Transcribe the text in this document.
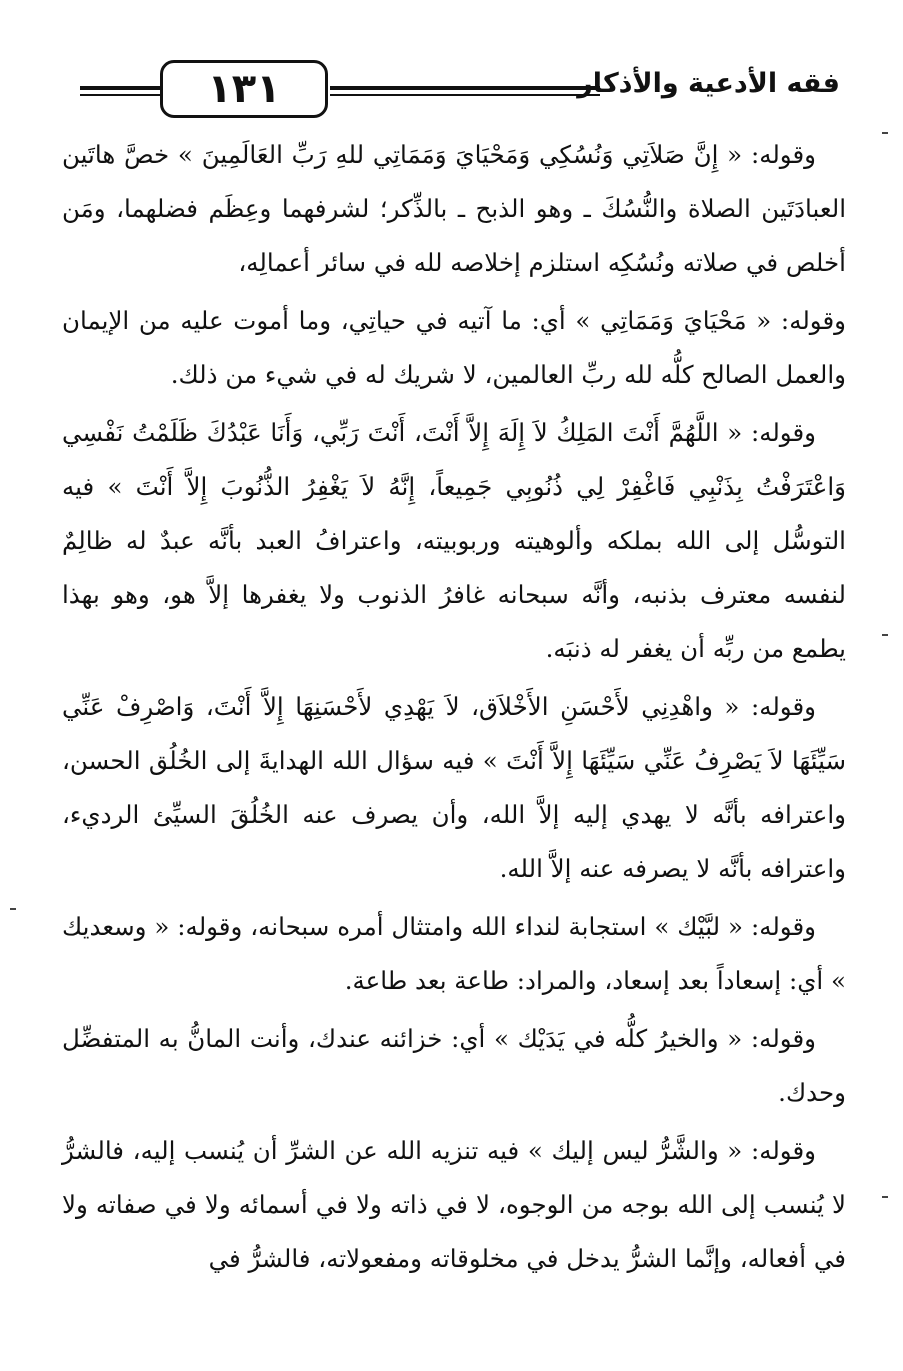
١٣١	فقه الأدعية والأذكار

وقوله: « إِنَّ صَلاَتِي وَنُسُكِي وَمَحْيَايَ وَمَمَاتِي للهِ رَبِّ العَالَمِينَ » خصَّ هاتَين العبادَتَين الصلاة والنُّسُكَ ـ وهو الذبح ـ بالذِّكر؛ لشرفهما وعِظَم فضلهما، ومَن أخلص في صلاته ونُسُكِه استلزم إخلاصه لله في سائر أعمالِه،

وقوله: « مَحْيَايَ وَمَمَاتِي » أي: ما آتيه في حياتِي، وما أموت عليه من الإيمان والعمل الصالح كلُّه لله ربِّ العالمين، لا شريك له في شيء من ذلك.

وقوله: « اللَّهُمَّ أَنْتَ المَلِكُ لاَ إِلَهَ إِلاَّ أَنْتَ، أَنْتَ رَبِّي، وَأَنَا عَبْدُكَ ظَلَمْتُ نَفْسِي وَاعْتَرَفْتُ بِذَنْبِي فَاغْفِرْ لِي ذُنُوبِي جَمِيعاً، إِنَّهُ لاَ يَغْفِرُ الذُّنُوبَ إِلاَّ أَنْتَ » فيه التوسُّل إلى الله بملكه وألوهيته وربوبيته، واعترافُ العبد بأنَّه عبدٌ له ظالِمٌ لنفسه معترف بذنبه، وأنَّه سبحانه غافرُ الذنوب ولا يغفرها إلاَّ هو، وهو بهذا يطمع من ربِّه أن يغفر له ذنبَه.

وقوله: « واهْدِنِي لأَحْسَنِ الأَخْلاَق، لاَ يَهْدِي لأَحْسَنِهَا إِلاَّ أَنْتَ، وَاصْرِفْ عَنِّي سَيِّئَهَا لاَ يَصْرِفُ عَنِّي سَيِّئَهَا إِلاَّ أَنْتَ » فيه سؤال الله الهدايةَ إلى الخُلُق الحسن، واعترافه بأنَّه لا يهدي إليه إلاَّ الله، وأن يصرف عنه الخُلُقَ السيِّئ الرديء، واعترافه بأنَّه لا يصرفه عنه إلاَّ الله.

وقوله: « لبَّيْك » استجابة لنداء الله وامتثال أمره سبحانه، وقوله: « وسعديك » أي: إسعاداً بعد إسعاد، والمراد: طاعة بعد طاعة.

وقوله: « والخيرُ كلُّه في يَدَيْك » أي: خزائنه عندك، وأنت المانُّ به المتفضِّل وحدك.

وقوله: « والشَّرُّ ليس إليك » فيه تنزيه الله عن الشرِّ أن يُنسب إليه، فالشرُّ لا يُنسب إلى الله بوجه من الوجوه، لا في ذاته ولا في أسمائه ولا في صفاته ولا في أفعاله، وإنَّما الشرُّ يدخل في مخلوقاته ومفعولاته، فالشرُّ في
